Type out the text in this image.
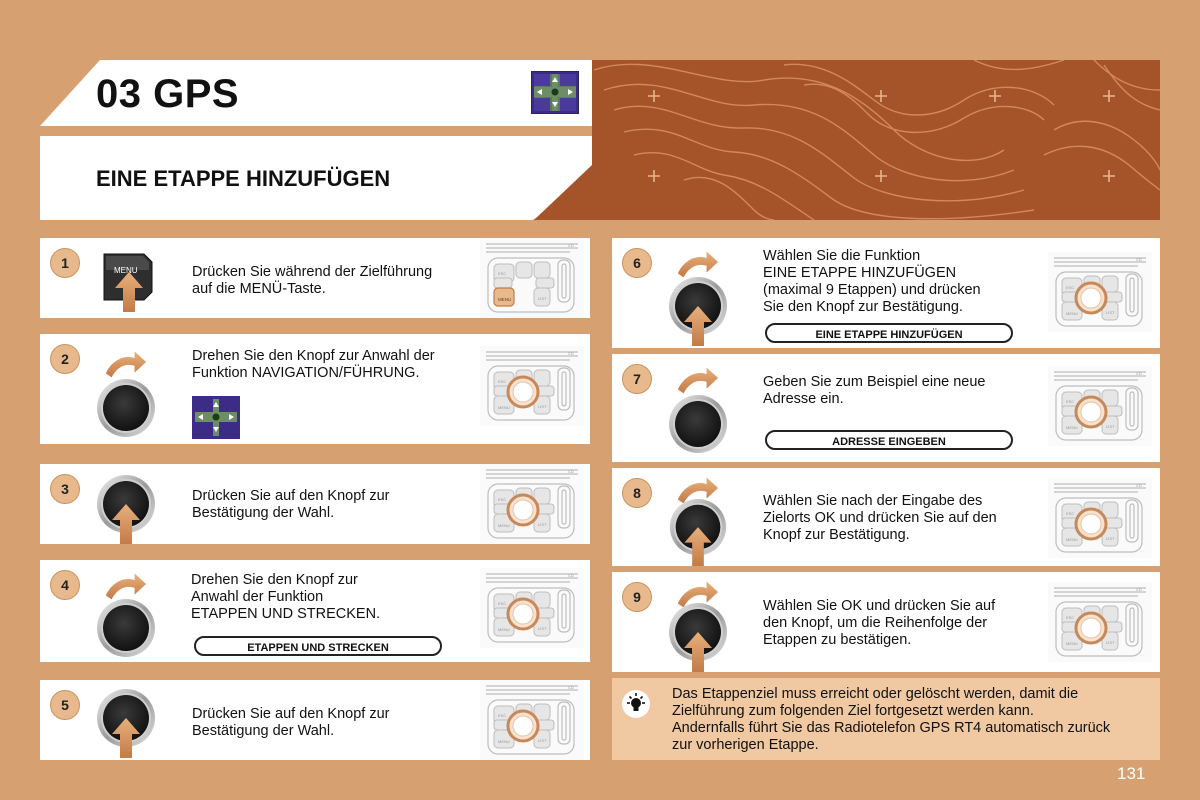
03 GPS
EINE ETAPPE HINZUFÜGEN
1	MENU	Drücken Sie während der Zielführung
auf die MENÜ-Taste.
MENU
2	Drehen Sie den Knopf zur Anwahl der
Funktion NAVIGATION/FÜHRUNG.
3	Drücken Sie auf den Knopf zur
Bestätigung der Wahl.
4	Drehen Sie den Knopf zur
Anwahl der Funktion
ETAPPEN UND STRECKEN.
ETAPPEN UND STRECKEN
5
Drücken Sie auf den Knopf zur
Bestätigung der Wahl.
6	Wählen Sie die Funktion
EINE ETAPPE HINZUFÜGEN
(maximal 9 Etappen) und drücken
Sie den Knopf zur Bestätigung.
EINE ETAPPE HINZUFÜGEN
7	Geben Sie zum Beispiel eine neue
Adresse ein.
ADRESSE EINGEBEN
8	Wählen Sie nach der Eingabe des
Zielorts OK und drücken Sie auf den
Knopf zur Bestätigung.
9
Wählen Sie OK und drücken Sie auf
den Knopf, um die Reihenfolge der
Etappen zu bestätigen.
Das Etappenziel muss erreicht oder gelöscht werden, damit die
Zielführung zum folgenden Ziel fortgesetzt werden kann.
Andernfalls führt Sie das Radiotelefon GPS RT4 automatisch zurück
zur vorherigen Etappe.
131
